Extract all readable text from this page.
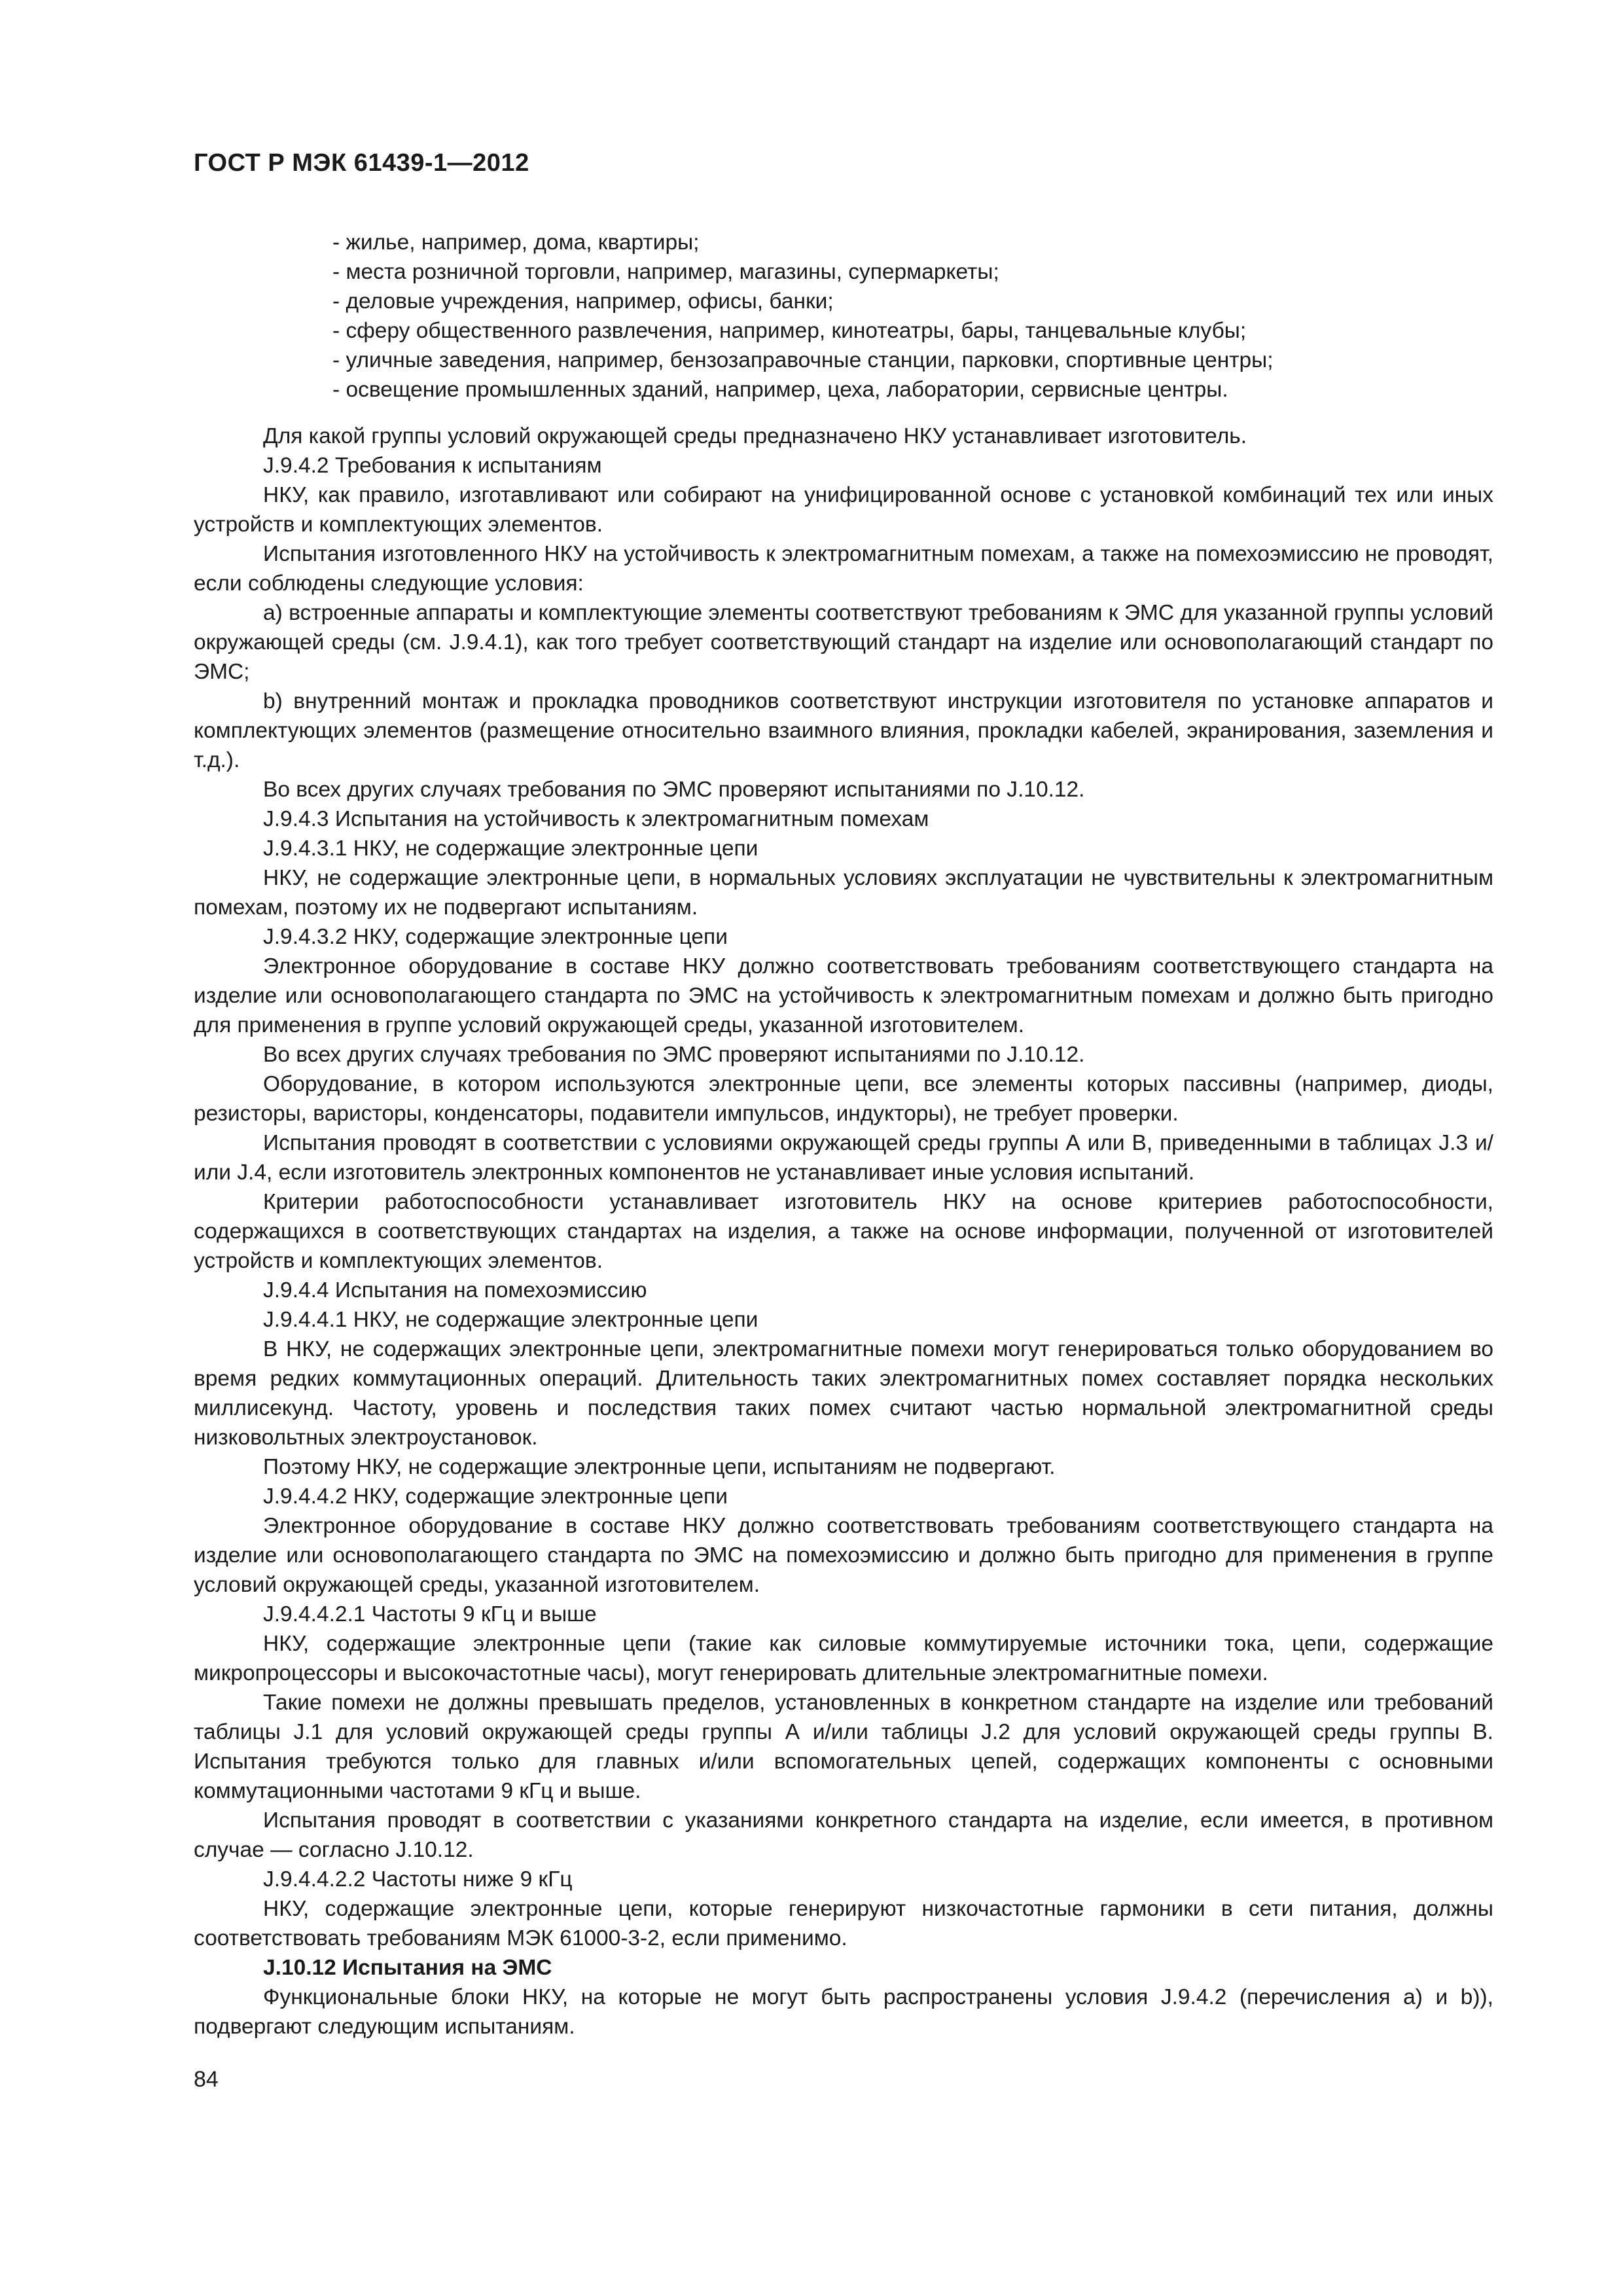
ГОСТ Р МЭК 61439-1—2012

- жилье, например, дома, квартиры;

- места розничной торговли, например, магазины, супермаркеты;

- деловые учреждения, например, офисы, банки;

- сферу общественного развлечения, например, кинотеатры, бары, танцевальные клубы;

- уличные заведения, например, бензозаправочные станции, парковки, спортивные центры;

- освещение промышленных зданий, например, цеха, лаборатории, сервисные центры.

Для какой группы условий окружающей среды предназначено НКУ устанавливает изготовитель.

J.9.4.2 Требования к испытаниям

НКУ, как правило, изготавливают или собирают на унифицированной основе с установкой комбинаций тех или иных устройств и комплектующих элементов.

Испытания изготовленного НКУ на устойчивость к электромагнитным помехам, а также на помехоэмиссию не проводят, если соблюдены следующие условия:

a) встроенные аппараты и комплектующие элементы соответствуют требованиям к ЭМС для указанной группы условий окружающей среды (см. J.9.4.1), как того требует соответствующий стандарт на изделие или основополагающий стандарт по ЭМС;

b) внутренний монтаж и прокладка проводников соответствуют инструкции изготовителя по установке аппаратов и комплектующих элементов (размещение относительно взаимного влияния, прокладки кабелей, экранирования, заземления и т.д.).

Во всех других случаях требования по ЭМС проверяют испытаниями по J.10.12.

J.9.4.3 Испытания на устойчивость к электромагнитным помехам

J.9.4.3.1 НКУ, не содержащие электронные цепи

НКУ, не содержащие электронные цепи, в нормальных условиях эксплуатации не чувствительны к электромагнитным помехам, поэтому их не подвергают испытаниям.

J.9.4.3.2 НКУ, содержащие электронные цепи

Электронное оборудование в составе НКУ должно соответствовать требованиям соответствующего стандарта на изделие или основополагающего стандарта по ЭМС на устойчивость к электромагнитным помехам и должно быть пригодно для применения в группе условий окружающей среды, указанной изготовителем.

Во всех других случаях требования по ЭМС проверяют испытаниями по J.10.12.

Оборудование, в котором используются электронные цепи, все элементы которых пассивны (например, диоды, резисторы, варисторы, конденсаторы, подавители импульсов, индукторы), не требует проверки.

Испытания проводят в соответствии с условиями окружающей среды группы А или В, приведенными в таблицах J.3 и/или J.4, если изготовитель электронных компонентов не устанавливает иные условия испытаний.

Критерии работоспособности устанавливает изготовитель НКУ на основе критериев работоспособности, содержащихся в соответствующих стандартах на изделия, а также на основе информации, полученной от изготовителей устройств и комплектующих элементов.

J.9.4.4 Испытания на помехоэмиссию

J.9.4.4.1 НКУ, не содержащие электронные цепи

В НКУ, не содержащих электронные цепи, электромагнитные помехи могут генерироваться только оборудованием во время редких коммутационных операций. Длительность таких электромагнитных помех составляет порядка нескольких миллисекунд. Частоту, уровень и последствия таких помех считают частью нормальной электромагнитной среды низковольтных электроустановок.

Поэтому НКУ, не содержащие электронные цепи, испытаниям не подвергают.

J.9.4.4.2 НКУ, содержащие электронные цепи

Электронное оборудование в составе НКУ должно соответствовать требованиям соответствующего стандарта на изделие или основополагающего стандарта по ЭМС на помехоэмиссию и должно быть пригодно для применения в группе условий окружающей среды, указанной изготовителем.

J.9.4.4.2.1 Частоты 9 кГц и выше

НКУ, содержащие электронные цепи (такие как силовые коммутируемые источники тока, цепи, содержащие микропроцессоры и высокочастотные часы), могут генерировать длительные электромагнитные помехи.

Такие помехи не должны превышать пределов, установленных в конкретном стандарте на изделие или требований таблицы J.1 для условий окружающей среды группы А и/или таблицы J.2 для условий окружающей среды группы В. Испытания требуются только для главных и/или вспомогательных цепей, содержащих компоненты с основными коммутационными частотами 9 кГц и выше.

Испытания проводят в соответствии с указаниями конкретного стандарта на изделие, если имеется, в противном случае — согласно J.10.12.

J.9.4.4.2.2 Частоты ниже 9 кГц

НКУ, содержащие электронные цепи, которые генерируют низкочастотные гармоники в сети питания, должны соответствовать требованиям МЭК 61000-3-2, если применимо.

J.10.12 Испытания на ЭМС

Функциональные блоки НКУ, на которые не могут быть распространены условия J.9.4.2 (перечисления a) и b)), подвергают следующим испытаниям.

84
